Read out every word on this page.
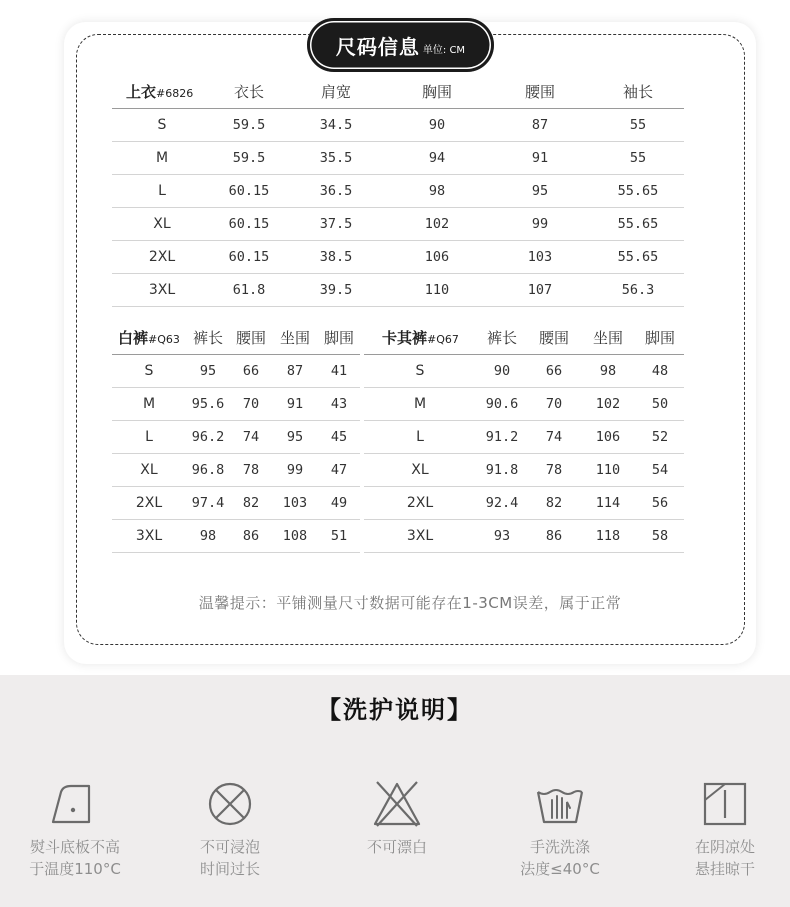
尺码信息 单位: CM
上衣#6826	衣长	肩宽	胸围	腰围	袖长
S	59.5	34.5	90	87	55
M	59.5	35.5	94	91	55
L	60.15	36.5	98	95	55.65
XL	60.15	37.5	102	99	55.65
2XL	60.15	38.5	106	103	55.65
3XL	61.8	39.5	110	107	56.3
白裤#Q63	裤长	腰围	坐围	脚围
S	95	66	87	41
M	95.6	70	91	43
L	96.2	74	95	45
XL	96.8	78	99	47
2XL	97.4	82	103	49
3XL	98	86	108	51
卡其裤#Q67	裤长	腰围	坐围	脚围
S	90	66	98	48
M	90.6	70	102	50
L	91.2	74	106	52
XL	91.8	78	110	54
2XL	92.4	82	114	56
3XL	93	86	118	58
温馨提示：平铺测量尺寸数据可能存在1-3CM误差，属于正常
【洗护说明】
熨斗底板不高
于温度110°C
不可浸泡
时间过长
不可漂白	手洗洗涤
法度≤40°C
在阴凉处
悬挂晾干
